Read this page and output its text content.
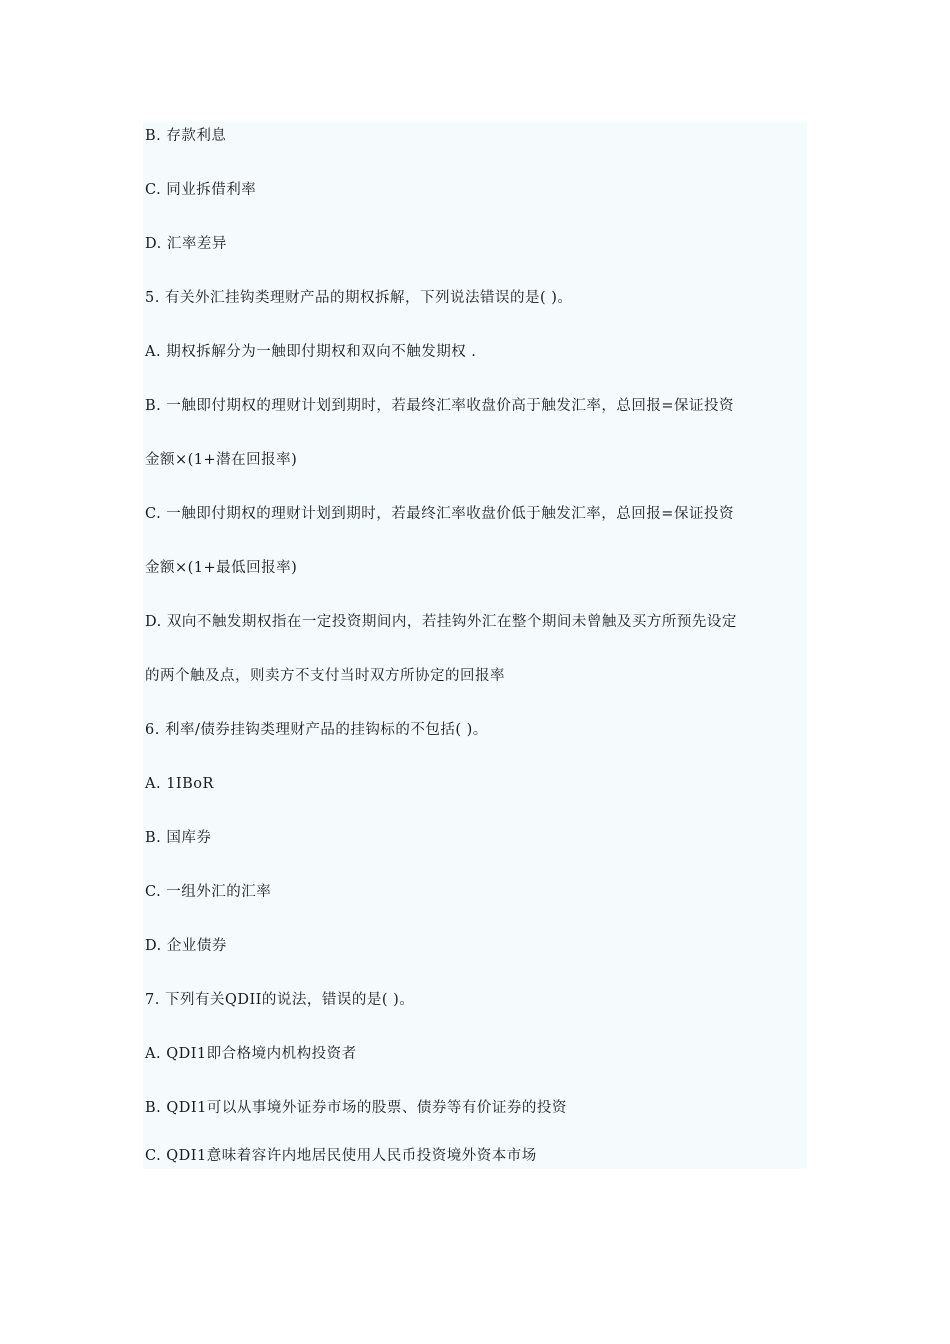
B. 存款利息
C. 同业拆借利率
D. 汇率差异
5. 有关外汇挂钩类理财产品的期权拆解，下列说法错误的是( )。
A. 期权拆解分为一触即付期权和双向不触发期权 .
B. 一触即付期权的理财计划到期时，若最终汇率收盘价高于触发汇率，总回报=保证投资
金额×(1+潜在回报率)
C. 一触即付期权的理财计划到期时，若最终汇率收盘价低于触发汇率，总回报=保证投资
金额×(1+最低回报率)
D. 双向不触发期权指在一定投资期间内，若挂钩外汇在整个期间未曾触及买方所预先设定
的两个触及点，则卖方不支付当时双方所协定的回报率
6. 利率/债券挂钩类理财产品的挂钩标的不包括( )。
A. 1IBoR
B. 国库券
C. 一组外汇的汇率
D. 企业债券
7. 下列有关QDII的说法，错误的是( )。
A. QDI1即合格境内机构投资者
B. QDI1可以从事境外证券市场的股票、债券等有价证券的投资
C. QDI1意味着容许内地居民使用人民币投资境外资本市场
